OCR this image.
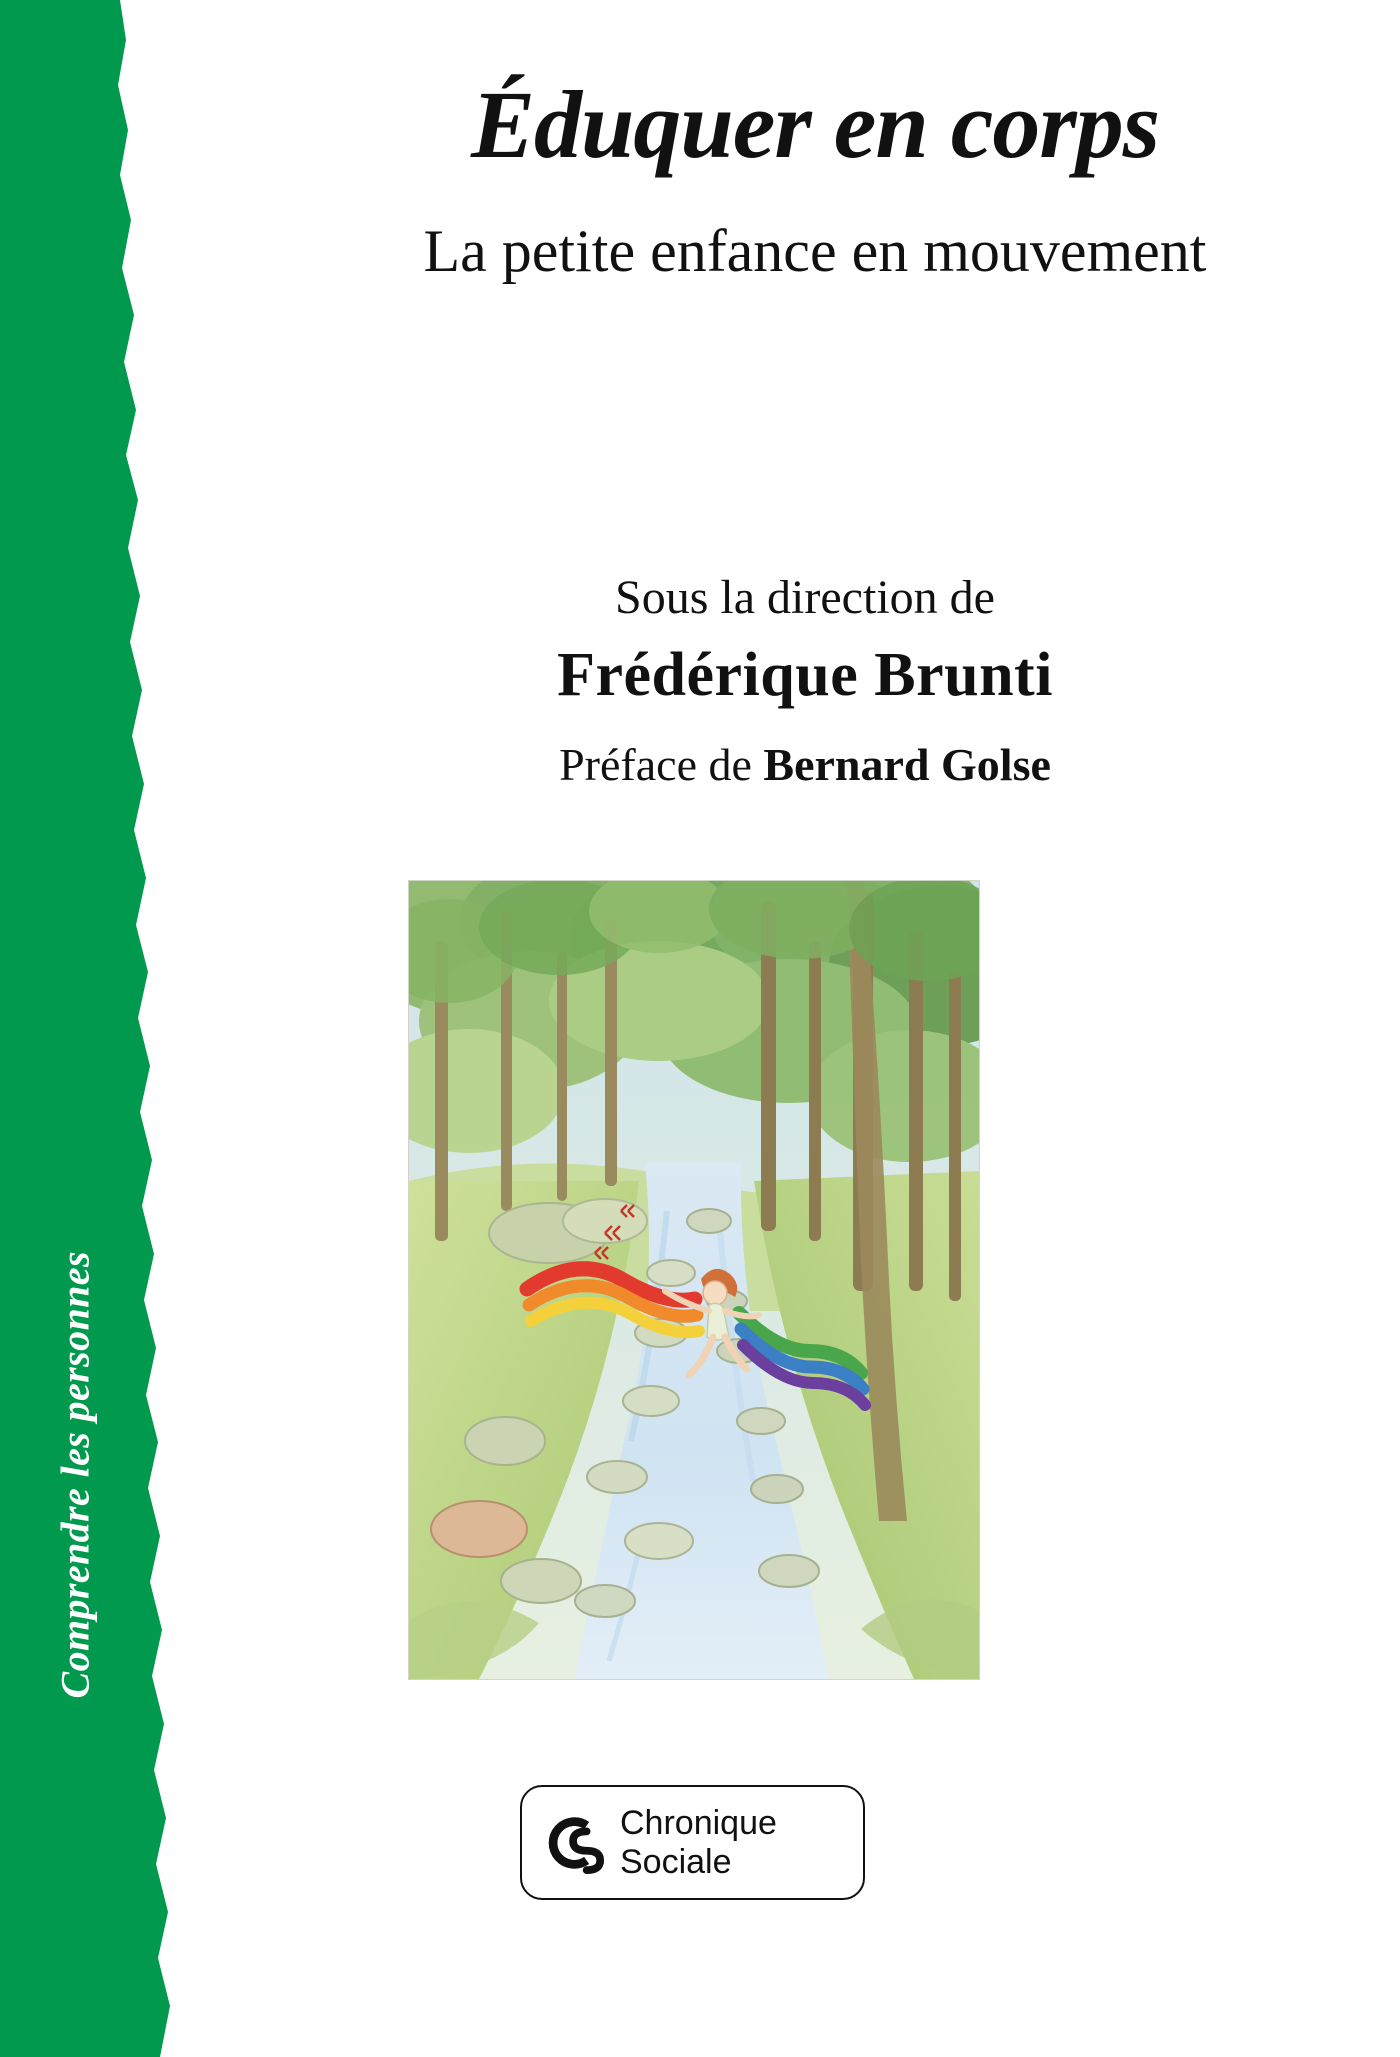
Comprendre les personnes
Éduquer en corps
La petite enfance en mouvement

Sous la direction de

Frédérique Brunti

Préface de Bernard Golse

Chronique
Sociale
